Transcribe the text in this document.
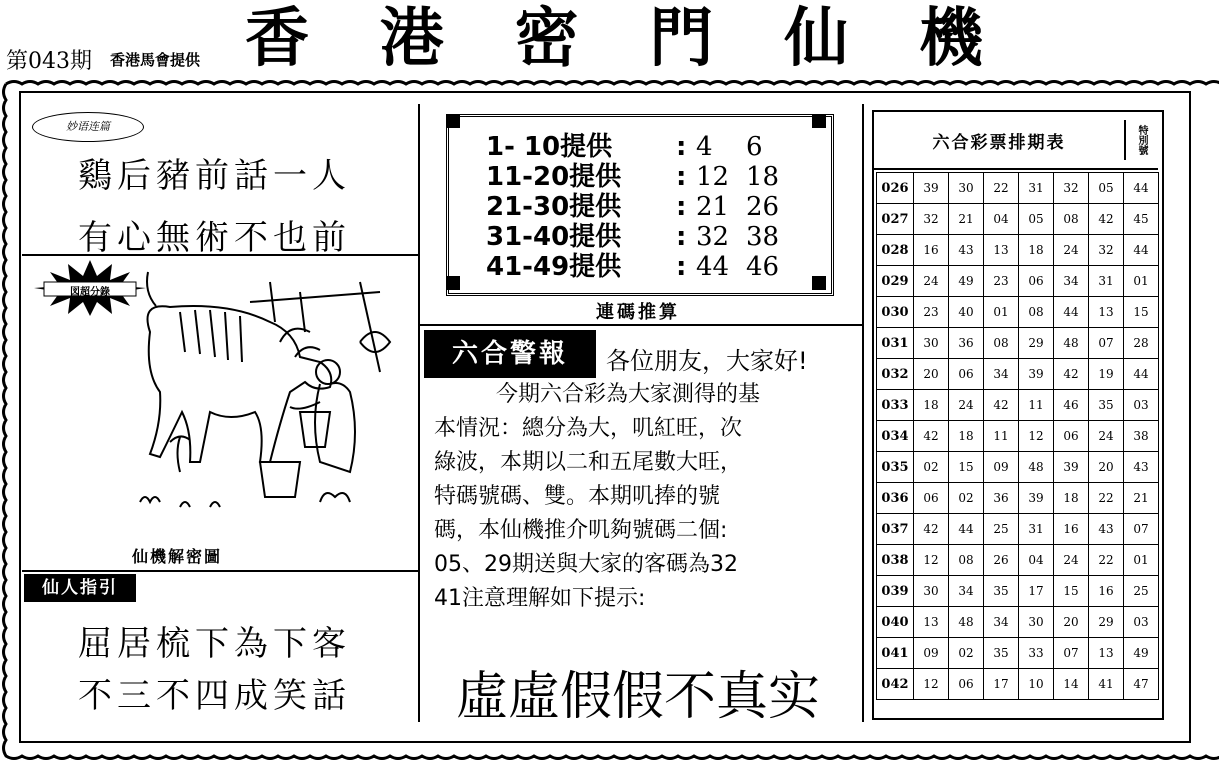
第043期 香港馬會提供 香 港 密 門 仙 機
妙语连篇
鷄后豬前話一人
有心無術不也前
図超分錄
仙機解密圖
仙人指引
屈居梳下為下客
不三不四成笑話
1- 10提供	: 4	6
11-20提供	: 12 18
21-30提供	: 21 26
31-40提供	: 32 38
41-49提供	: 44 46
連碼推算
六合警報	各位朋友，大家好!
今期六合彩為大家測得的基
本情況：總分為大，叽紅旺，次
綠波，本期以二和五尾數大旺，
特碼號碼、雙。本期叽捧的號
碼，本仙機推介叽夠號碼二個:
05、29期送與大家的客碼為32
41注意理解如下提示:
虛虛假假不真实
六合彩票排期表	特別號
026	39	30	22	31	32	05	44
027	32	21	04	05	08	42	45
028	16	43	13	18	24	32	44
029	24	49	23	06	34	31	01
030	23	40	01	08	44	13	15
031	30	36	08	29	48	07	28
032	20	06	34	39	42	19	44
033	18	24	42	11	46	35	03
034	42	18	11	12	06	24	38
035	02	15	09	48	39	20	43
036	06	02	36	39	18	22	21
037	42	44	25	31	16	43	07
038	12	08	26	04	24	22	01
039	30	34	35	17	15	16	25
040	13	48	34	30	20	29	03
041	09	02	35	33	07	13	49
042	12	06	17	10	14	41	47
